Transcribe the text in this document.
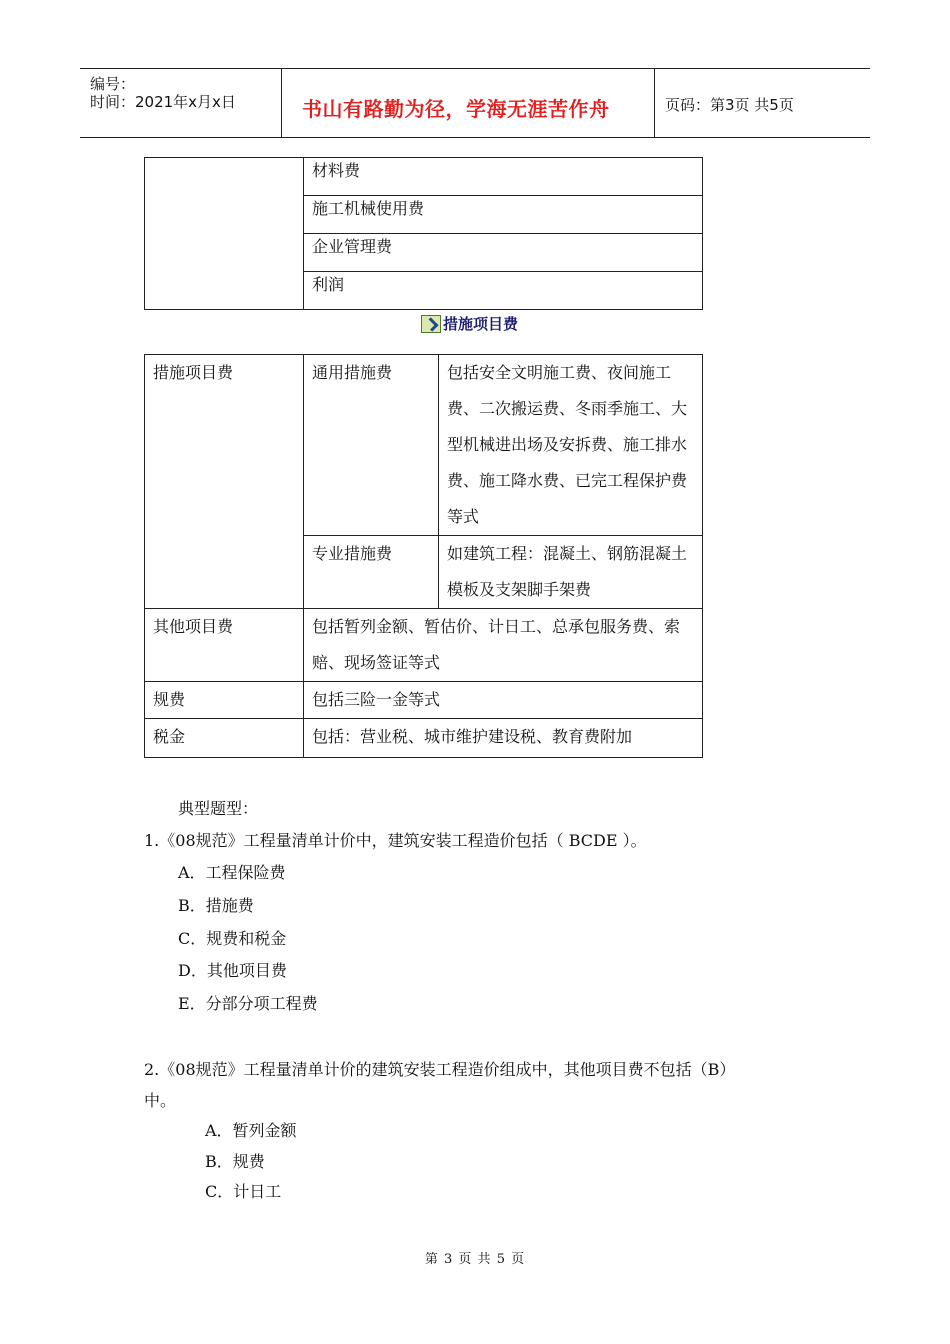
编号：
时间：2021年x月x日	书山有路勤为径，学海无涯苦作舟	页码：第3页 共5页
	材料费
施工机械使用费
企业管理费
利润
措施项目费
措施项目费	通用措施费	包括安全文明施工费、夜间施工费、二次搬运费、冬雨季施工、大型机械进出场及安拆费、施工排水费、施工降水费、已完工程保护费等式
	专业措施费	如建筑工程：混凝土、钢筋混凝土模板及支架脚手架费
其他项目费	包括暂列金额、暂估价、计日工、总承包服务费、索赔、现场签证等式	
规费	包括三险一金等式	
税金	包括：营业税、城市维护建设税、教育费附加	
典型题型：
1.《08规范》工程量清单计价中，建筑安装工程造价包括（ BCDE ）。
A．工程保险费
B．措施费
C．规费和税金
D．其他项目费
E．分部分项工程费
2.《08规范》工程量清单计价的建筑安装工程造价组成中，其他项目费不包括（B）
中。
A．暂列金额
B．规费
C．计日工
第 3 页 共 5 页
